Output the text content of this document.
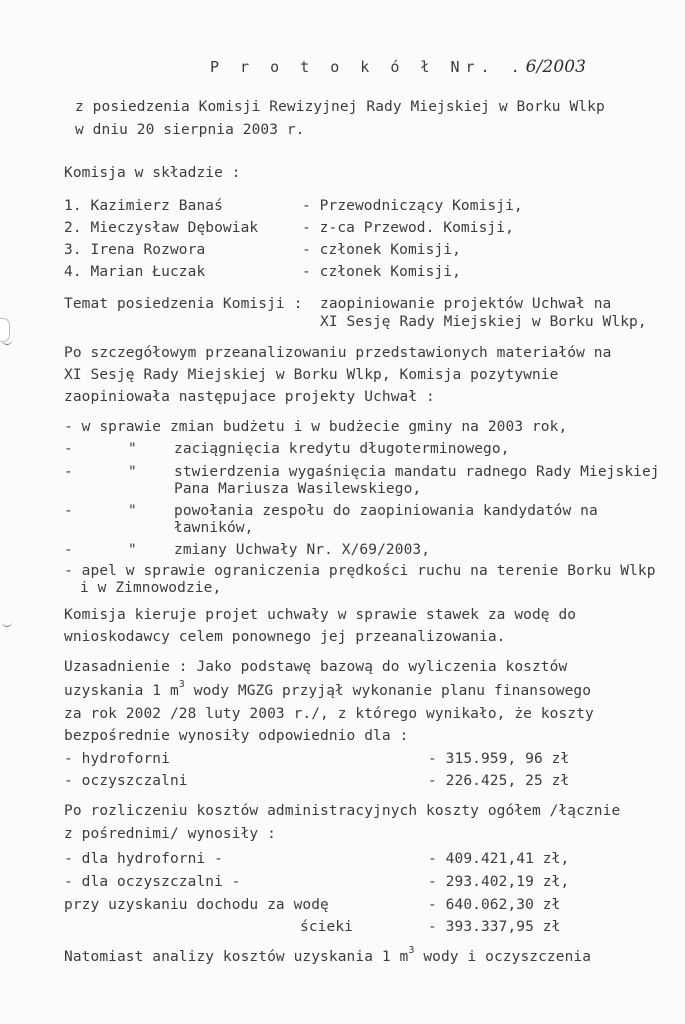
P r o t o k ó ł Nr. .6/2003
z posiedzenia Komisji Rewizyjnej Rady Miejskiej w Borku Wlkp
w dniu 20 sierpnia 2003 r.
Komisja w składzie :
1. Kazimierz Banaś	- Przewodniczący Komisji,
2. Mieczysław Dębowiak	- z-ca Przewod. Komisji,
3. Irena Rozwora	- członek Komisji,
4. Marian Łuczak	- członek Komisji,
Temat posiedzenia Komisji : zaopiniowanie projektów Uchwał na
XI Sesję Rady Miejskiej w Borku Wlkp,
Po szczegółowym przeanalizowaniu przedstawionych materiałów na
XI Sesję Rady Miejskiej w Borku Wlkp, Komisja pozytywnie
zaopiniowała następujace projekty Uchwał :
- w sprawie zmian budżetu i w budżecie gminy na 2003 rok,
-	"	zaciągnięcia kredytu długoterminowego,
-	"	stwierdzenia wygaśnięcia mandatu radnego Rady Miejskiej
Pana Mariusza Wasilewskiego,
-	"	powołania zespołu do zaopiniowania kandydatów na
ławników,
-	"	zmiany Uchwały Nr. X/69/2003,
- apel w sprawie ograniczenia prędkości ruchu na terenie Borku Wlkp
i w Zimnowodzie,
Komisja kieruje projet uchwały w sprawie stawek za wodę do
wnioskodawcy celem ponownego jej przeanalizowania.
Uzasadnienie : Jako podstawę bazową do wyliczenia kosztów
uzyskania 1 $m^3$ wody MGZG przyjął wykonanie planu finansowego
za rok 2002 /28 luty 2003 r./, z którego wynikało, że koszty
bezpośrednie wynosiły odpowiednio dla :
- hydroforni	- 315.959, 96 zł
- oczyszczalni	- 226.425, 25 zł
Po rozliczeniu kosztów administracyjnych koszty ogółem /łącznie
z pośrednimi/ wynosiły :
- dla hydroforni -	- 409.421,41 zł,
- dla oczyszczalni -	- 293.402,19 zł,
przy uzyskaniu dochodu za wodę	- 640.062,30 zł
ścieki	- 393.337,95 zł
Natomiast analizy kosztów uzyskania 1 $m^3$ wody i oczyszczenia
